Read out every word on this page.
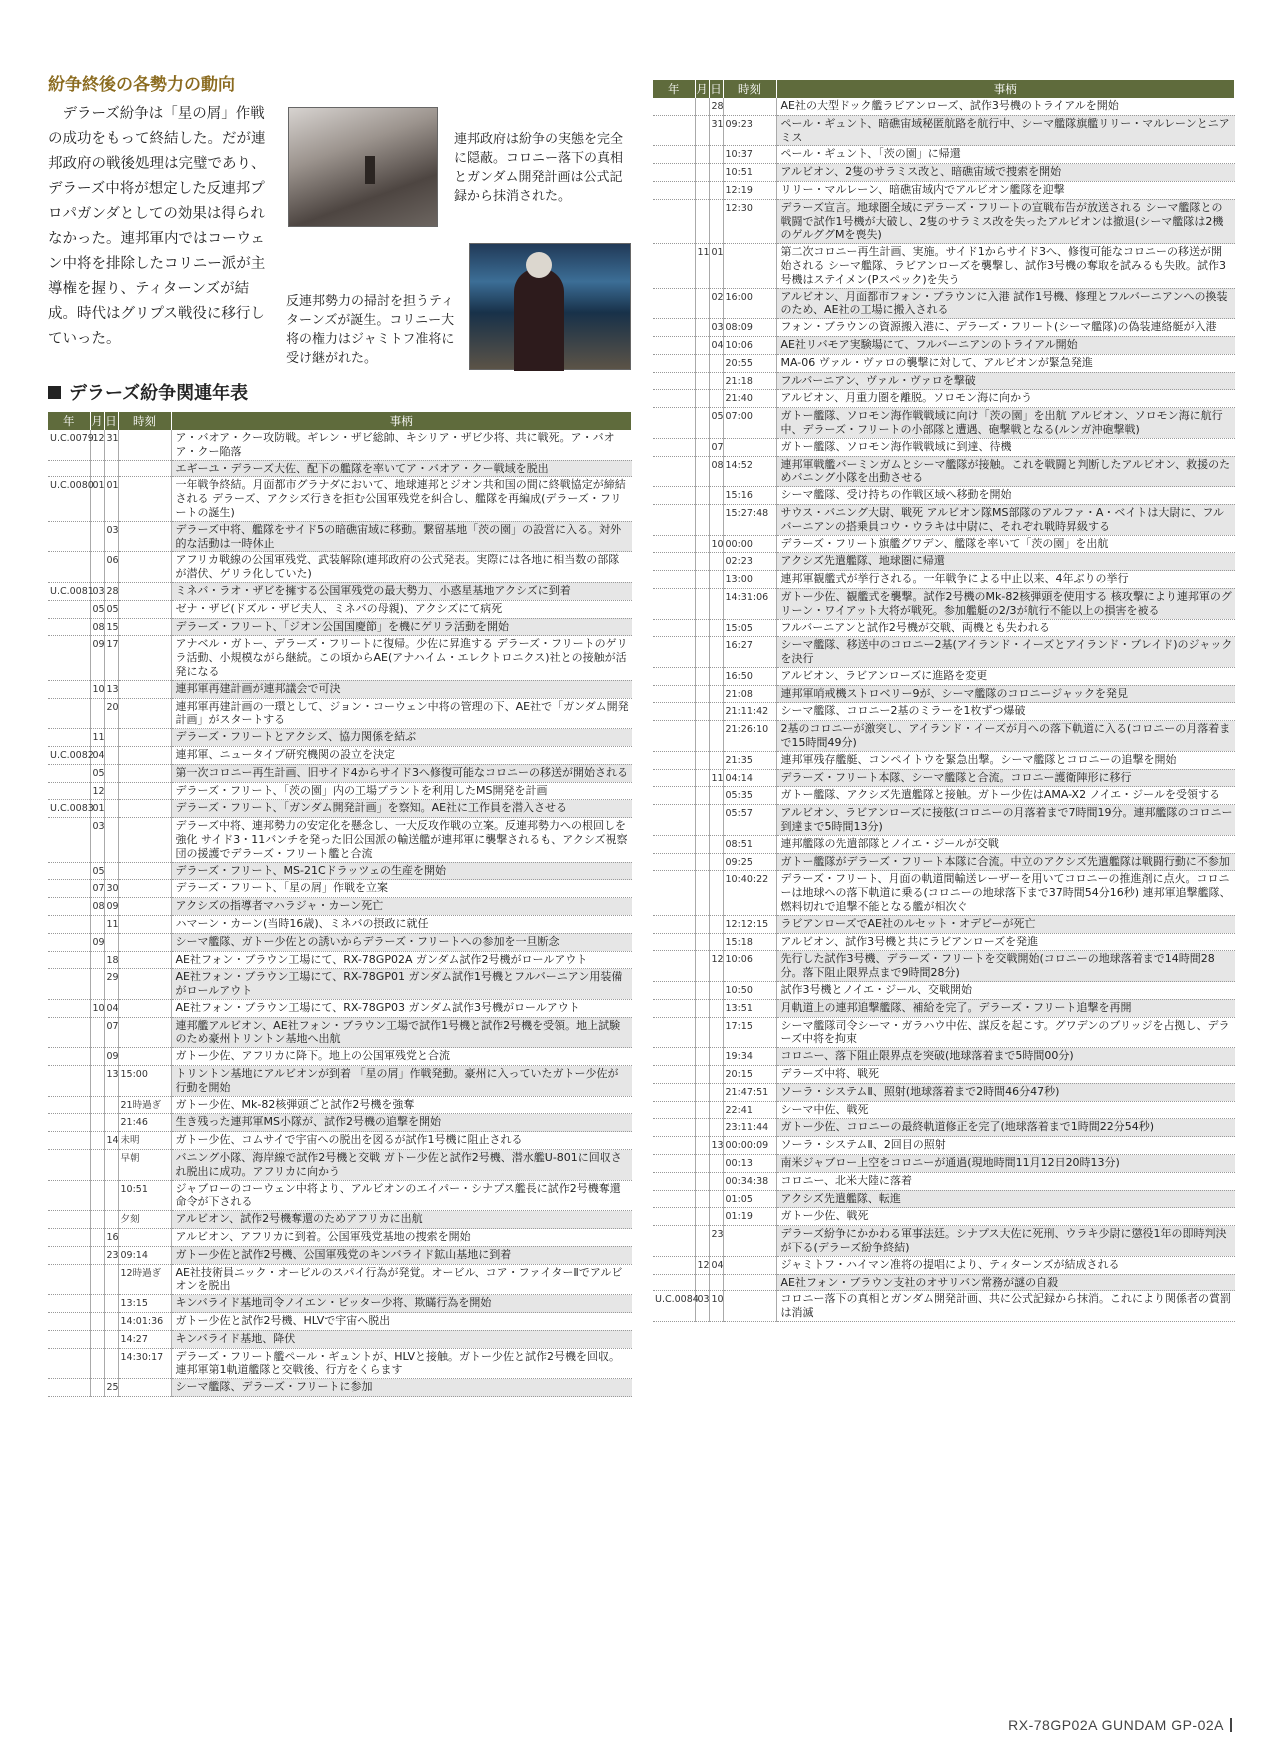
紛争終後の各勢力の動向

デラーズ紛争は「星の屑」作戦の成功をもって終結した。だが連邦政府の戦後処理は完璧であり、デラーズ中将が想定した反連邦プロパガンダとしての効果は得られなかった。連邦軍内ではコーウェン中将を排除したコリニー派が主導権を握り、ティターンズが結成。時代はグリプス戦役に移行していった。

連邦政府は紛争の実態を完全に隠蔽。コロニー落下の真相とガンダム開発計画は公式記録から抹消された。

反連邦勢力の掃討を担うティターンズが誕生。コリニー大将の権力はジャミトフ准将に受け継がれた。

デラーズ紛争関連年表
年	月	日	時刻	事柄
U.C.0079	12	31		ア・バオア・クー攻防戦。ギレン・ザビ総帥、キシリア・ザビ少将、共に戦死。ア・バオア・クー陥落
				エギーユ・デラーズ大佐、配下の艦隊を率いてア・バオア・クー戦域を脱出
U.C.0080	01	01		一年戦争終結。月面都市グラナダにおいて、地球連邦とジオン共和国の間に終戦協定が締結される デラーズ、アクシズ行きを拒む公国軍残党を糾合し、艦隊を再編成(デラーズ・フリートの誕生)
		03		デラーズ中将、艦隊をサイド5の暗礁宙域に移動。繋留基地「茨の園」の設営に入る。対外的な活動は一時休止
		06		アフリカ戦線の公国軍残党、武装解除(連邦政府の公式発表。実際には各地に相当数の部隊が潜伏、ゲリラ化していた)
U.C.0081	03	28		ミネバ・ラオ・ザビを擁する公国軍残党の最大勢力、小惑星基地アクシズに到着
	05	05		ゼナ・ザビ(ドズル・ザビ夫人、ミネバの母親)、アクシズにて病死
	08	15		デラーズ・フリート、「ジオン公国国慶節」を機にゲリラ活動を開始
	09	17		アナベル・ガトー、デラーズ・フリートに復帰。少佐に昇進する デラーズ・フリートのゲリラ活動、小規模ながら継続。この頃からAE(アナハイム・エレクトロニクス)社との接触が活発になる
	10	13		連邦軍再建計画が連邦議会で可決
		20		連邦軍再建計画の一環として、ジョン・コーウェン中将の管理の下、AE社で「ガンダム開発計画」がスタートする
	11			デラーズ・フリートとアクシズ、協力関係を結ぶ
U.C.0082	04			連邦軍、ニュータイプ研究機関の設立を決定
	05			第一次コロニー再生計画、旧サイド4からサイド3へ修復可能なコロニーの移送が開始される
	12			デラーズ・フリート、「茨の園」内の工場プラントを利用したMS開発を計画
U.C.0083	01			デラーズ・フリート、「ガンダム開発計画」を察知。AE社に工作員を潜入させる
	03			デラーズ中将、連邦勢力の安定化を懸念し、一大反攻作戦の立案。反連邦勢力への根回しを強化 サイド3・11バンチを発った旧公国派の輸送艦が連邦軍に襲撃されるも、アクシズ視察団の援護でデラーズ・フリート艦と合流
	05			デラーズ・フリート、MS-21Cドラッツェの生産を開始
	07	30		デラーズ・フリート、「星の屑」作戦を立案
	08	09		アクシズの指導者マハラジャ・カーン死亡
		11		ハマーン・カーン(当時16歳)、ミネバの摂政に就任
	09			シーマ艦隊、ガトー少佐との誘いからデラーズ・フリートへの参加を一旦断念
		18		AE社フォン・ブラウン工場にて、RX-78GP02A ガンダム試作2号機がロールアウト
		29		AE社フォン・ブラウン工場にて、RX-78GP01 ガンダム試作1号機とフルバーニアン用装備がロールアウト
	10	04		AE社フォン・ブラウン工場にて、RX-78GP03 ガンダム試作3号機がロールアウト
		07		連邦艦アルビオン、AE社フォン・ブラウン工場で試作1号機と試作2号機を受領。地上試験のため豪州トリントン基地へ出航
		09		ガトー少佐、アフリカに降下。地上の公国軍残党と合流
		13	15:00	トリントン基地にアルビオンが到着 「星の屑」作戦発動。豪州に入っていたガトー少佐が行動を開始
			21時過ぎ	ガトー少佐、Mk-82核弾頭ごと試作2号機を強奪
			21:46	生き残った連邦軍MS小隊が、試作2号機の追撃を開始
		14	未明	ガトー少佐、コムサイで宇宙への脱出を図るが試作1号機に阻止される
			早朝	バニング小隊、海岸線で試作2号機と交戦 ガトー少佐と試作2号機、潜水艦U-801に回収され脱出に成功。アフリカに向かう
			10:51	ジャブローのコーウェン中将より、アルビオンのエイパー・シナプス艦長に試作2号機奪還命令が下される
			夕刻	アルビオン、試作2号機奪還のためアフリカに出航
		16		アルビオン、アフリカに到着。公国軍残党基地の捜索を開始
		23	09:14	ガトー少佐と試作2号機、公国軍残党のキンバライド鉱山基地に到着
			12時過ぎ	AE社技術員ニック・オービルのスパイ行為が発覚。オービル、コア・ファイターⅡでアルビオンを脱出
			13:15	キンバライド基地司令ノイエン・ビッター少将、欺瞞行為を開始
			14:01:36	ガトー少佐と試作2号機、HLVで宇宙へ脱出
			14:27	キンバライド基地、降伏
			14:30:17	デラーズ・フリート艦ペール・ギュントが、HLVと接触。ガトー少佐と試作2号機を回収。連邦軍第1軌道艦隊と交戦後、行方をくらます
		25		シーマ艦隊、デラーズ・フリートに参加
年	月	日	時刻	事柄
		28		AE社の大型ドック艦ラビアンローズ、試作3号機のトライアルを開始
		31	09:23	ペール・ギュント、暗礁宙域秘匿航路を航行中、シーマ艦隊旗艦リリー・マルレーンとニアミス
			10:37	ペール・ギュント、「茨の園」に帰還
			10:51	アルビオン、2隻のサラミス改と、暗礁宙域で捜索を開始
			12:19	リリー・マルレーン、暗礁宙域内でアルビオン艦隊を迎撃
			12:30	デラーズ宣言。地球圏全域にデラーズ・フリートの宣戦布告が放送される シーマ艦隊との戦闘で試作1号機が大破し、2隻のサラミス改を失ったアルビオンは撤退(シーマ艦隊は2機のゲルググMを喪失)
	11	01		第二次コロニー再生計画、実施。サイド1からサイド3へ、修復可能なコロニーの移送が開始される シーマ艦隊、ラビアンローズを襲撃し、試作3号機の奪取を試みるも失敗。試作3号機はステイメン(Pスペック)を失う
		02	16:00	アルビオン、月面都市フォン・ブラウンに入港 試作1号機、修理とフルバーニアンへの換装のため、AE社の工場に搬入される
		03	08:09	フォン・ブラウンの資源搬入港に、デラーズ・フリート(シーマ艦隊)の偽装連絡艇が入港
		04	10:06	AE社リバモア実験場にて、フルバーニアンのトライアル開始
			20:55	MA-06 ヴァル・ヴァロの襲撃に対して、アルビオンが緊急発進
			21:18	フルバーニアン、ヴァル・ヴァロを撃破
			21:40	アルビオン、月重力圏を離脱。ソロモン海に向かう
		05	07:00	ガトー艦隊、ソロモン海作戦戦域に向け「茨の園」を出航 アルビオン、ソロモン海に航行中、デラーズ・フリートの小部隊と遭遇、砲撃戦となる(ルンガ沖砲撃戦)
		07		ガトー艦隊、ソロモン海作戦戦域に到達、待機
		08	14:52	連邦軍戦艦バーミンガムとシーマ艦隊が接触。これを戦闘と判断したアルビオン、救援のためバニング小隊を出動させる
			15:16	シーマ艦隊、受け持ちの作戦区域へ移動を開始
			15:27:48	サウス・バニング大尉、戦死 アルビオン隊MS部隊のアルファ・A・ベイトは大尉に、フルバーニアンの搭乗員コウ・ウラキは中尉に、それぞれ戦時昇級する
		10	00:00	デラーズ・フリート旗艦グワデン、艦隊を率いて「茨の園」を出航
			02:23	アクシズ先遣艦隊、地球圏に帰還
			13:00	連邦軍観艦式が挙行される。一年戦争による中止以来、4年ぶりの挙行
			14:31:06	ガトー少佐、観艦式を襲撃。試作2号機のMk-82核弾頭を使用する 核攻撃により連邦軍のグリーン・ワイアット大将が戦死。参加艦艇の2/3が航行不能以上の損害を被る
			15:05	フルバーニアンと試作2号機が交戦、両機とも失われる
			16:27	シーマ艦隊、移送中のコロニー2基(アイランド・イーズとアイランド・ブレイド)のジャックを決行
			16:50	アルビオン、ラビアンローズに進路を変更
			21:08	連邦軍哨戒機ストロベリー9が、シーマ艦隊のコロニージャックを発見
			21:11:42	シーマ艦隊、コロニー2基のミラーを1枚ずつ爆破
			21:26:10	2基のコロニーが激突し、アイランド・イーズが月への落下軌道に入る(コロニーの月落着まで15時間49分)
			21:35	連邦軍残存艦艇、コンペイトウを緊急出撃。シーマ艦隊とコロニーの追撃を開始
		11	04:14	デラーズ・フリート本隊、シーマ艦隊と合流。コロニー護衛陣形に移行
			05:35	ガトー艦隊、アクシズ先遣艦隊と接触。ガトー少佐はAMA-X2 ノイエ・ジールを受領する
			05:57	アルビオン、ラビアンローズに接舷(コロニーの月落着まで7時間19分。連邦艦隊のコロニー到達まで5時間13分)
			08:51	連邦艦隊の先遣部隊とノイエ・ジールが交戦
			09:25	ガトー艦隊がデラーズ・フリート本隊に合流。中立のアクシズ先遣艦隊は戦闘行動に不参加
			10:40:22	デラーズ・フリート、月面の軌道間輸送レーザーを用いてコロニーの推進剤に点火。コロニーは地球への落下軌道に乗る(コロニーの地球落下まで37時間54分16秒) 連邦軍追撃艦隊、燃料切れで追撃不能となる艦が相次ぐ
			12:12:15	ラビアンローズでAE社のルセット・オデビーが死亡
			15:18	アルビオン、試作3号機と共にラビアンローズを発進
		12	10:06	先行した試作3号機、デラーズ・フリートを交戦開始(コロニーの地球落着まで14時間28分。落下阻止限界点まで9時間28分)
			10:50	試作3号機とノイエ・ジール、交戦開始
			13:51	月軌道上の連邦追撃艦隊、補給を完了。デラーズ・フリート追撃を再開
			17:15	シーマ艦隊司令シーマ・ガラハウ中佐、謀反を起こす。グワデンのブリッジを占拠し、デラーズ中将を拘束
			19:34	コロニー、落下阻止限界点を突破(地球落着まで5時間00分)
			20:15	デラーズ中将、戦死
			21:47:51	ソーラ・システムⅡ、照射(地球落着まで2時間46分47秒)
			22:41	シーマ中佐、戦死
			23:11:44	ガトー少佐、コロニーの最終軌道修正を完了(地球落着まで1時間22分54秒)
		13	00:00:09	ソーラ・システムⅡ、2回目の照射
			00:13	南米ジャブロー上空をコロニーが通過(現地時間11月12日20時13分)
			00:34:38	コロニー、北米大陸に落着
			01:05	アクシズ先遣艦隊、転進
			01:19	ガトー少佐、戦死
		23		デラーズ紛争にかかわる軍事法廷。シナプス大佐に死刑、ウラキ少尉に懲役1年の即時判決が下る(デラーズ紛争終結)
	12	04		ジャミトフ・ハイマン准将の提唱により、ティターンズが結成される
				AE社フォン・ブラウン支社のオサリバン常務が謎の自殺
U.C.0084	03	10		コロニー落下の真相とガンダム開発計画、共に公式記録から抹消。これにより関係者の賞罰は消滅
RX-78GP02A GUNDAM GP-02A
